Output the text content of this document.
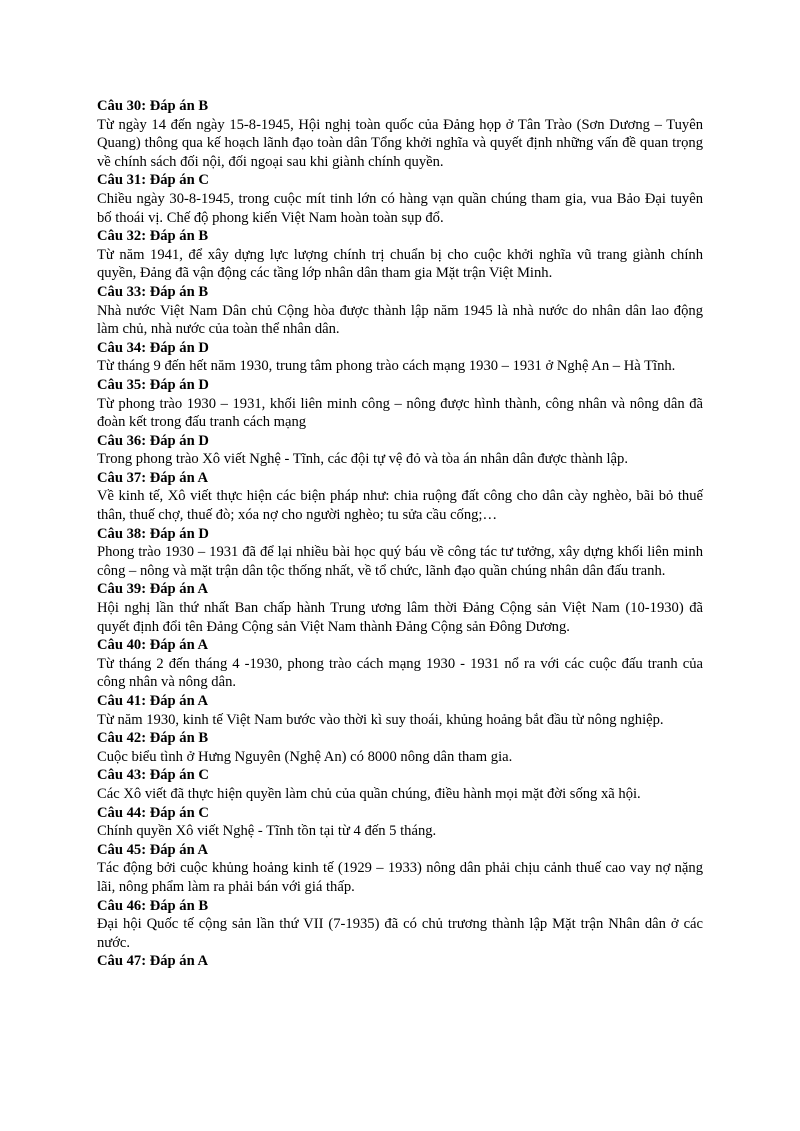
Câu 30: Đáp án B

Từ ngày 14 đến ngày 15-8-1945, Hội nghị toàn quốc của Đảng họp ở Tân Trào (Sơn Dương – Tuyên Quang) thông qua kế hoạch lãnh đạo toàn dân Tổng khởi nghĩa và quyết định những vấn đề quan trọng về chính sách đối nội, đối ngoại sau khi giành chính quyền.

Câu 31: Đáp án C

Chiều ngày 30-8-1945, trong cuộc mít tinh lớn có hàng vạn quần chúng tham gia, vua Bảo Đại tuyên bố thoái vị. Chế độ phong kiến Việt Nam hoàn toàn sụp đổ.

Câu 32: Đáp án B

Từ năm 1941, để xây dựng lực lượng chính trị chuẩn bị cho cuộc khởi nghĩa vũ trang giành chính quyền, Đảng đã vận động các tầng lớp nhân dân tham gia Mặt trận Việt Minh.

Câu 33: Đáp án B

Nhà nước Việt Nam Dân chủ Cộng hòa được thành lập năm 1945 là nhà nước do nhân dân lao động làm chủ, nhà nước của toàn thể nhân dân.

Câu 34: Đáp án D

Từ tháng 9 đến hết năm 1930, trung tâm phong trào cách mạng 1930 – 1931 ở Nghệ An – Hà Tĩnh.

Câu 35: Đáp án D

Từ phong trào 1930 – 1931, khối liên minh công – nông được hình thành, công nhân và nông dân đã đoàn kết trong đấu tranh cách mạng

Câu 36: Đáp án D

Trong phong trào Xô viết Nghệ - Tĩnh, các đội tự vệ đỏ và tòa án nhân dân được thành lập.

Câu 37: Đáp án A

Về kinh tế, Xô viết thực hiện các biện pháp như: chia ruộng đất công cho dân cày nghèo, bãi bỏ thuế thân, thuế chợ, thuế đò; xóa nợ cho người nghèo; tu sửa cầu cống;…

Câu 38: Đáp án D

Phong trào 1930 – 1931 đã để lại nhiều bài học quý báu về công tác tư tưởng, xây dựng khối liên minh công – nông và mặt trận dân tộc thống nhất, về tổ chức, lãnh đạo quần chúng nhân dân đấu tranh.

Câu 39: Đáp án A

Hội nghị lần thứ nhất Ban chấp hành Trung ương lâm thời Đảng Cộng sản Việt Nam (10-1930) đã quyết định đổi tên Đảng Cộng sản Việt Nam thành Đảng Cộng sản Đông Dương.

Câu 40: Đáp án A

Từ tháng 2 đến tháng 4 -1930, phong trào cách mạng 1930 - 1931 nổ ra với các cuộc đấu tranh của công nhân và nông dân.

Câu 41: Đáp án A

Từ năm 1930, kinh tế Việt Nam bước vào thời kì suy thoái, khủng hoảng bắt đầu từ nông nghiệp.

Câu 42: Đáp án B

Cuộc biểu tình ở Hưng Nguyên (Nghệ An) có 8000 nông dân tham gia.

Câu 43: Đáp án C

Các Xô viết đã thực hiện quyền làm chủ của quần chúng, điều hành mọi mặt đời sống xã hội.

Câu 44: Đáp án C

Chính quyền Xô viết Nghệ - Tĩnh tồn tại từ 4 đến 5 tháng.

Câu 45: Đáp án A

Tác động bởi cuộc khủng hoảng kinh tế (1929 – 1933) nông dân phải chịu cảnh thuế cao vay nợ nặng lãi, nông phẩm làm ra phải bán với giá thấp.

Câu 46: Đáp án B

Đại hội Quốc tế cộng sản lần thứ VII (7-1935) đã có chủ trương thành lập Mặt trận Nhân dân ở các nước.

Câu 47: Đáp án A
